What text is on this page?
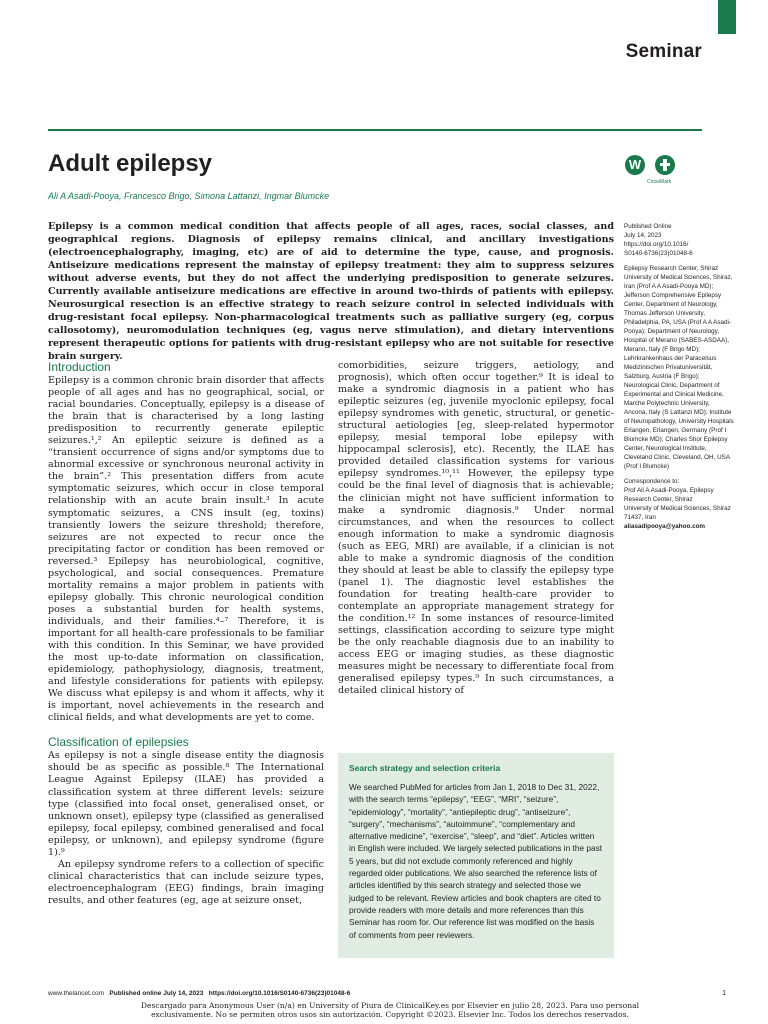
Seminar
Adult epilepsy
Ali A Asadi-Pooya, Francesco Brigo, Simona Lattanzi, Ingmar Blumcke
W
CrossMark
Epilepsy is a common medical condition that affects people of all ages, races, social classes, and geographical regions. Diagnosis of epilepsy remains clinical, and ancillary investigations (electroencephalography, imaging, etc) are of aid to determine the type, cause, and prognosis. Antiseizure medications represent the mainstay of epilepsy treatment: they aim to suppress seizures without adverse events, but they do not affect the underlying predisposition to generate seizures. Currently available antiseizure medications are effective in around two-thirds of patients with epilepsy. Neurosurgical resection is an effective strategy to reach seizure control in selected individuals with drug-resistant focal epilepsy. Non-pharmacological treatments such as palliative surgery (eg, corpus callosotomy), neuromodulation techniques (eg, vagus nerve stimulation), and dietary interventions represent therapeutic options for patients with drug-resistant epilepsy who are not suitable for resective brain surgery.
Published Online
July 14, 2023
https://doi.org/10.1016/
S0140-6736(23)01048-6
Epilepsy Research Center, Shiraz University of Medical Sciences, Shiraz, Iran (Prof A A Asadi-Pooya MD); Jefferson Comprehensive Epilepsy Center, Department of Neurology, Thomas Jefferson University, Philadelphia, PA, USA (Prof A A Asadi-Pooya); Department of Neurology, Hospital of Merano (SABES-ASDAA), Merano, Italy (F Brigo MD); Lehrkrankenhaus der Paracelsus Medizinischen Privatuniversität, Salzburg, Austria (F Brigo); Neurological Clinic, Department of Experimental and Clinical Medicine, Marche Polytechnic University, Ancona, Italy (S Lattanzi MD); Institute of Neuropathology, University Hospitals Erlangen, Erlangen, Germany (Prof I Blumcke MD); Charles Shor Epilepsy Center, Neurological Institute, Cleveland Clinic, Cleveland, OH, USA (Prof I Blumcke)
Correspondence to:
Prof Ali A Asadi-Pooya, Epilepsy Research Center, Shiraz
University of Medical Sciences, Shiraz 71437, Iran
aliasadipooya@yahoo.com
Introduction

Epilepsy is a common chronic brain disorder that affects people of all ages and has no geographical, social, or racial boundaries. Conceptually, epilepsy is a disease of the brain that is characterised by a long lasting predisposition to recurrently generate epileptic seizures.¹,² An epileptic seizure is defined as a “transient occurrence of signs and/or symptoms due to abnormal excessive or synchronous neuronal activity in the brain”.² This presentation differs from acute symptomatic seizures, which occur in close temporal relationship with an acute brain insult.³ In acute symptomatic seizures, a CNS insult (eg, toxins) transiently lowers the seizure threshold; therefore, seizures are not expected to recur once the precipitating factor or condition has been removed or reversed.³ Epilepsy has neurobiological, cognitive, psychological, and social consequences. Premature mortality remains a major problem in patients with epilepsy globally. This chronic neurological condition poses a substantial burden for health systems, individuals, and their families.⁴–⁷ Therefore, it is important for all health-care professionals to be familiar with this condition. In this Seminar, we have provided the most up-to-date information on classification, epidemiology, pathophysiology, diagnosis, treatment, and lifestyle considerations for patients with epilepsy. We discuss what epilepsy is and whom it affects, why it is important, novel achievements in the research and clinical fields, and what developments are yet to come.

Classification of epilepsies

As epilepsy is not a single disease entity the diagnosis should be as specific as possible.⁸ The International League Against Epilepsy (ILAE) has provided a classification system at three different levels: seizure type (classified into focal onset, generalised onset, or unknown onset), epilepsy type (classified as generalised epilepsy, focal epilepsy, combined generalised and focal epilepsy, or unknown), and epilepsy syndrome (figure 1).⁹

An epilepsy syndrome refers to a collection of specific clinical characteristics that can include seizure types, electroencephalogram (EEG) findings, brain imaging results, and other features (eg, age at seizure onset,

comorbidities, seizure triggers, aetiology, and prognosis), which often occur together.⁹ It is ideal to make a syndromic diagnosis in a patient who has epileptic seizures (eg, juvenile myoclonic epilepsy, focal epilepsy syndromes with genetic, structural, or genetic-structural aetiologies [eg, sleep-related hypermotor epilepsy, mesial temporal lobe epilepsy with hippocampal sclerosis], etc). Recently, the ILAE has provided detailed classification systems for various epilepsy syndromes.¹⁰,¹¹ However, the epilepsy type could be the final level of diagnosis that is achievable; the clinician might not have sufficient information to make a syndromic diagnosis.⁹ Under normal circumstances, and when the resources to collect enough information to make a syndromic diagnosis (such as EEG, MRI) are available, if a clinician is not able to make a syndromic diagnosis of the condition they should at least be able to classify the epilepsy type (panel 1). The diagnostic level establishes the foundation for treating health-care provider to contemplate an appropriate management strategy for the condition.¹² In some instances of resource-limited settings, classification according to seizure type might be the only reachable diagnosis due to an inability to access EEG or imaging studies, as these diagnostic measures might be necessary to differentiate focal from generalised epilepsy types.⁹ In such circumstances, a detailed clinical history of

Search strategy and selection criteria
We searched PubMed for articles from Jan 1, 2018 to Dec 31, 2022, with the search terms “epilepsy”, “EEG”, “MRI”, “seizure”, “epidemiology”, “mortality”, “antiepileptic drug”, “antiseizure”, “surgery”, “mechanisms”, “autoimmune”, “complementary and alternative medicine”, “exercise”, “sleep”, and “diet”. Articles written in English were included. We largely selected publications in the past 5 years, but did not exclude commonly referenced and highly regarded older publications. We also searched the reference lists of articles identified by this search strategy and selected those we judged to be relevant. Review articles and book chapters are cited to provide readers with more details and more references than this Seminar has room for. Our reference list was modified on the basis of comments from peer reviewers.
www.thelancet.com Published online July 14, 2023 https://doi.org/10.1016/S0140-6736(23)01048-6	1
Descargado para Anonymous User (n/a) en University of Piura de ClinicalKey.es por Elsevier en julio 28, 2023. Para uso personal
exclusivamente. No se permiten otros usos sin autorización. Copyright ©2023. Elsevier Inc. Todos los derechos reservados.
